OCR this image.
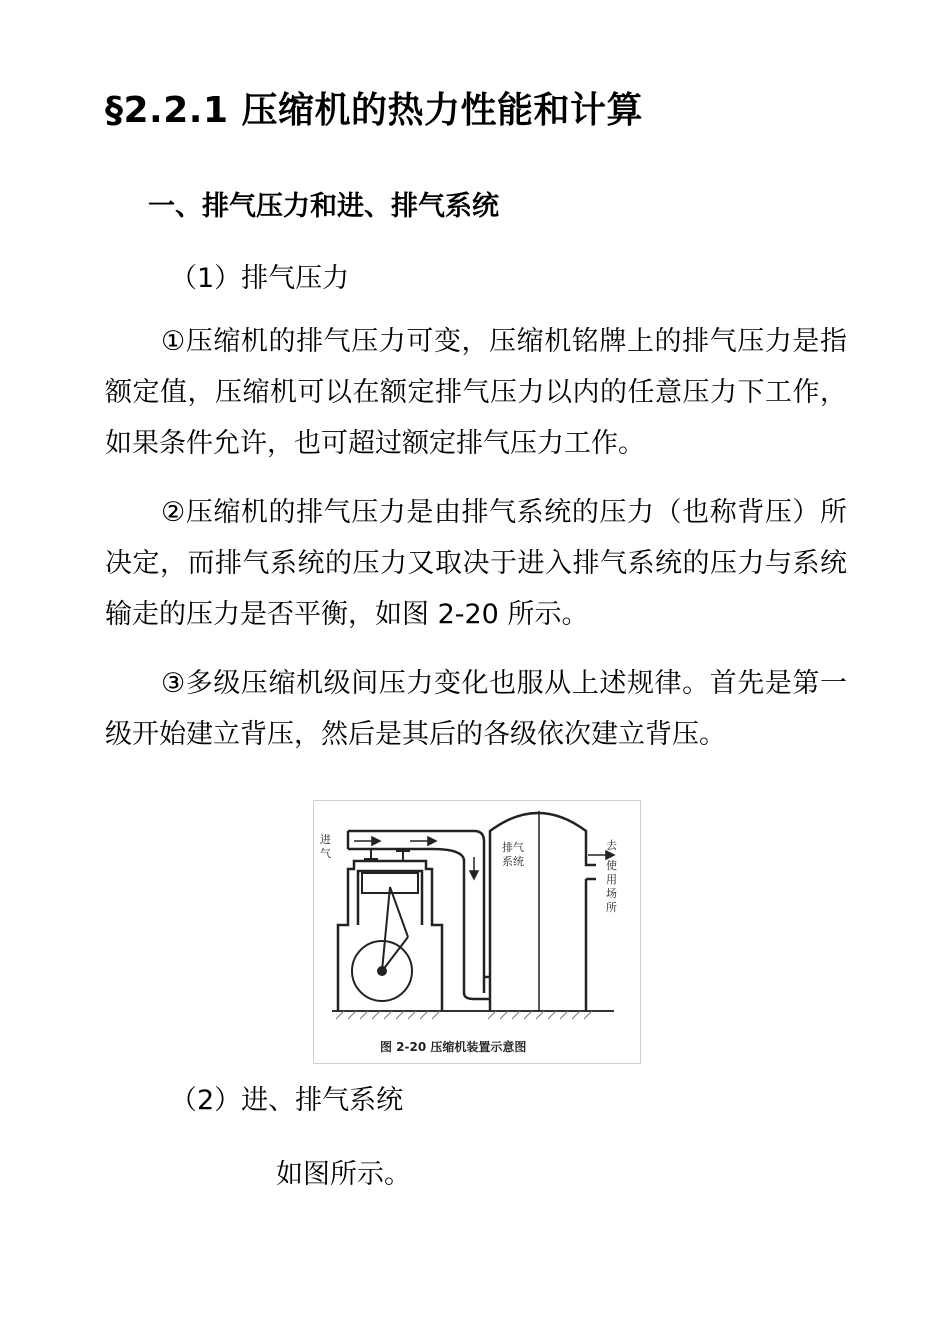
§2.2.1 压缩机的热力性能和计算
一、排气压力和进、排气系统
（1）排气压力
①压缩机的排气压力可变，压缩机铭牌上的排气压力是指额定值，压缩机可以在额定排气压力以内的任意压力下工作，如果条件允许，也可超过额定排气压力工作。
②压缩机的排气压力是由排气系统的压力（也称背压）所决定，而排气系统的压力又取决于进入排气系统的压力与系统输走的压力是否平衡，如图 2-20 所示。
③多级压缩机级间压力变化也服从上述规律。首先是第一级开始建立背压，然后是其后的各级依次建立背压。
进
气	排气
系统
去
使
用
场
所
图 2-20 压缩机装置示意图
（2）进、排气系统
如图所示。
